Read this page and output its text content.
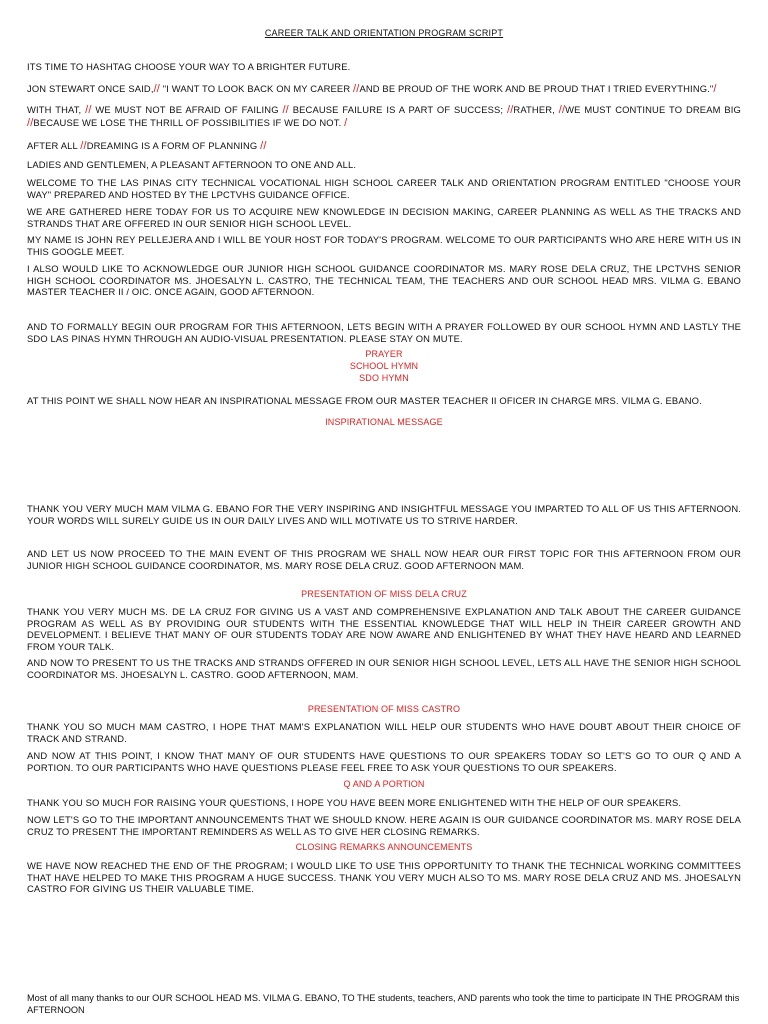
CAREER TALK AND ORIENTATION PROGRAM SCRIPT

ITS TIME TO HASHTAG CHOOSE YOUR WAY TO A BRIGHTER FUTURE.

JON STEWART ONCE SAID,// "I WANT TO LOOK BACK ON MY CAREER //AND BE PROUD OF THE WORK AND BE PROUD THAT I TRIED EVERYTHING."/

WITH THAT, // WE MUST NOT BE AFRAID OF FAILING // BECAUSE FAILURE IS A PART OF SUCCESS; //RATHER, //WE MUST CONTINUE TO DREAM BIG //BECAUSE WE LOSE THE THRILL OF POSSIBILITIES IF WE DO NOT. /

AFTER ALL //DREAMING IS A FORM OF PLANNING //

LADIES AND GENTLEMEN, A PLEASANT AFTERNOON TO ONE AND ALL.

WELCOME TO THE LAS PINAS CITY TECHNICAL VOCATIONAL HIGH SCHOOL CAREER TALK AND ORIENTATION PROGRAM ENTITLED "CHOOSE YOUR WAY" PREPARED AND HOSTED BY THE LPCTVHS GUIDANCE OFFICE.

WE ARE GATHERED HERE TODAY FOR US TO ACQUIRE NEW KNOWLEDGE IN DECISION MAKING, CAREER PLANNING AS WELL AS THE TRACKS AND STRANDS THAT ARE OFFERED IN OUR SENIOR HIGH SCHOOL LEVEL.

MY NAME IS JOHN REY PELLEJERA AND I WILL BE YOUR HOST FOR TODAY'S PROGRAM. WELCOME TO OUR PARTICIPANTS WHO ARE HERE WITH US IN THIS GOOGLE MEET.

I ALSO WOULD LIKE TO ACKNOWLEDGE OUR JUNIOR HIGH SCHOOL GUIDANCE COORDINATOR MS. MARY ROSE DELA CRUZ, THE LPCTVHS SENIOR HIGH SCHOOL COORDINATOR MS. JHOESALYN L. CASTRO, THE TECHNICAL TEAM, THE TEACHERS AND OUR SCHOOL HEAD MRS. VILMA G. EBANO MASTER TEACHER II / OIC. ONCE AGAIN, GOOD AFTERNOON.

AND TO FORMALLY BEGIN OUR PROGRAM FOR THIS AFTERNOON, LETS BEGIN WITH A PRAYER FOLLOWED BY OUR SCHOOL HYMN AND LASTLY THE SDO LAS PINAS HYMN THROUGH AN AUDIO-VISUAL PRESENTATION. PLEASE STAY ON MUTE.

PRAYER
SCHOOL HYMN
SDO HYMN

AT THIS POINT WE SHALL NOW HEAR AN INSPIRATIONAL MESSAGE FROM OUR MASTER TEACHER II OFICER IN CHARGE MRS. VILMA G. EBANO.

INSPIRATIONAL MESSAGE

THANK YOU VERY MUCH MAM VILMA G. EBANO FOR THE VERY INSPIRING AND INSIGHTFUL MESSAGE YOU IMPARTED TO ALL OF US THIS AFTERNOON. YOUR WORDS WILL SURELY GUIDE US IN OUR DAILY LIVES AND WILL MOTIVATE US TO STRIVE HARDER.

AND LET US NOW PROCEED TO THE MAIN EVENT OF THIS PROGRAM WE SHALL NOW HEAR OUR FIRST TOPIC FOR THIS AFTERNOON FROM OUR JUNIOR HIGH SCHOOL GUIDANCE COORDINATOR, MS. MARY ROSE DELA CRUZ. GOOD AFTERNOON MAM.

PRESENTATION OF MISS DELA CRUZ

THANK YOU VERY MUCH MS. DE LA CRUZ FOR GIVING US A VAST AND COMPREHENSIVE EXPLANATION AND TALK ABOUT THE CAREER GUIDANCE PROGRAM AS WELL AS BY PROVIDING OUR STUDENTS WITH THE ESSENTIAL KNOWLEDGE THAT WILL HELP IN THEIR CAREER GROWTH AND DEVELOPMENT. I BELIEVE THAT MANY OF OUR STUDENTS TODAY ARE NOW AWARE AND ENLIGHTENED BY WHAT THEY HAVE HEARD AND LEARNED FROM YOUR TALK.

AND NOW TO PRESENT TO US THE TRACKS AND STRANDS OFFERED IN OUR SENIOR HIGH SCHOOL LEVEL, LETS ALL HAVE THE SENIOR HIGH SCHOOL COORDINATOR MS. JHOESALYN L. CASTRO. GOOD AFTERNOON, MAM.

PRESENTATION OF MISS CASTRO

THANK YOU SO MUCH MAM CASTRO, I HOPE THAT MAM'S EXPLANATION WILL HELP OUR STUDENTS WHO HAVE DOUBT ABOUT THEIR CHOICE OF TRACK AND STRAND.

AND NOW AT THIS POINT, I KNOW THAT MANY OF OUR STUDENTS HAVE QUESTIONS TO OUR SPEAKERS TODAY SO LET'S GO TO OUR Q AND A PORTION. TO OUR PARTICIPANTS WHO HAVE QUESTIONS PLEASE FEEL FREE TO ASK YOUR QUESTIONS TO OUR SPEAKERS.

Q AND A PORTION

THANK YOU SO MUCH FOR RAISING YOUR QUESTIONS, I HOPE YOU HAVE BEEN MORE ENLIGHTENED WITH THE HELP OF OUR SPEAKERS.

NOW LET'S GO TO THE IMPORTANT ANNOUNCEMENTS THAT WE SHOULD KNOW. HERE AGAIN IS OUR GUIDANCE COORDINATOR MS. MARY ROSE DELA CRUZ TO PRESENT THE IMPORTANT REMINDERS AS WELL AS TO GIVE HER CLOSING REMARKS.

CLOSING REMARKS ANNOUNCEMENTS

WE HAVE NOW REACHED THE END OF THE PROGRAM; I WOULD LIKE TO USE THIS OPPORTUNITY TO THANK THE TECHNICAL WORKING COMMITTEES THAT HAVE HELPED TO MAKE THIS PROGRAM A HUGE SUCCESS. THANK YOU VERY MUCH ALSO TO MS. MARY ROSE DELA CRUZ AND MS. JHOESALYN CASTRO FOR GIVING US THEIR VALUABLE TIME.

Most of all many thanks to our OUR SCHOOL HEAD MS. VILMA G. EBANO, TO THE students, teachers, AND parents who took the time to participate IN THE PROGRAM this AFTERNOON
